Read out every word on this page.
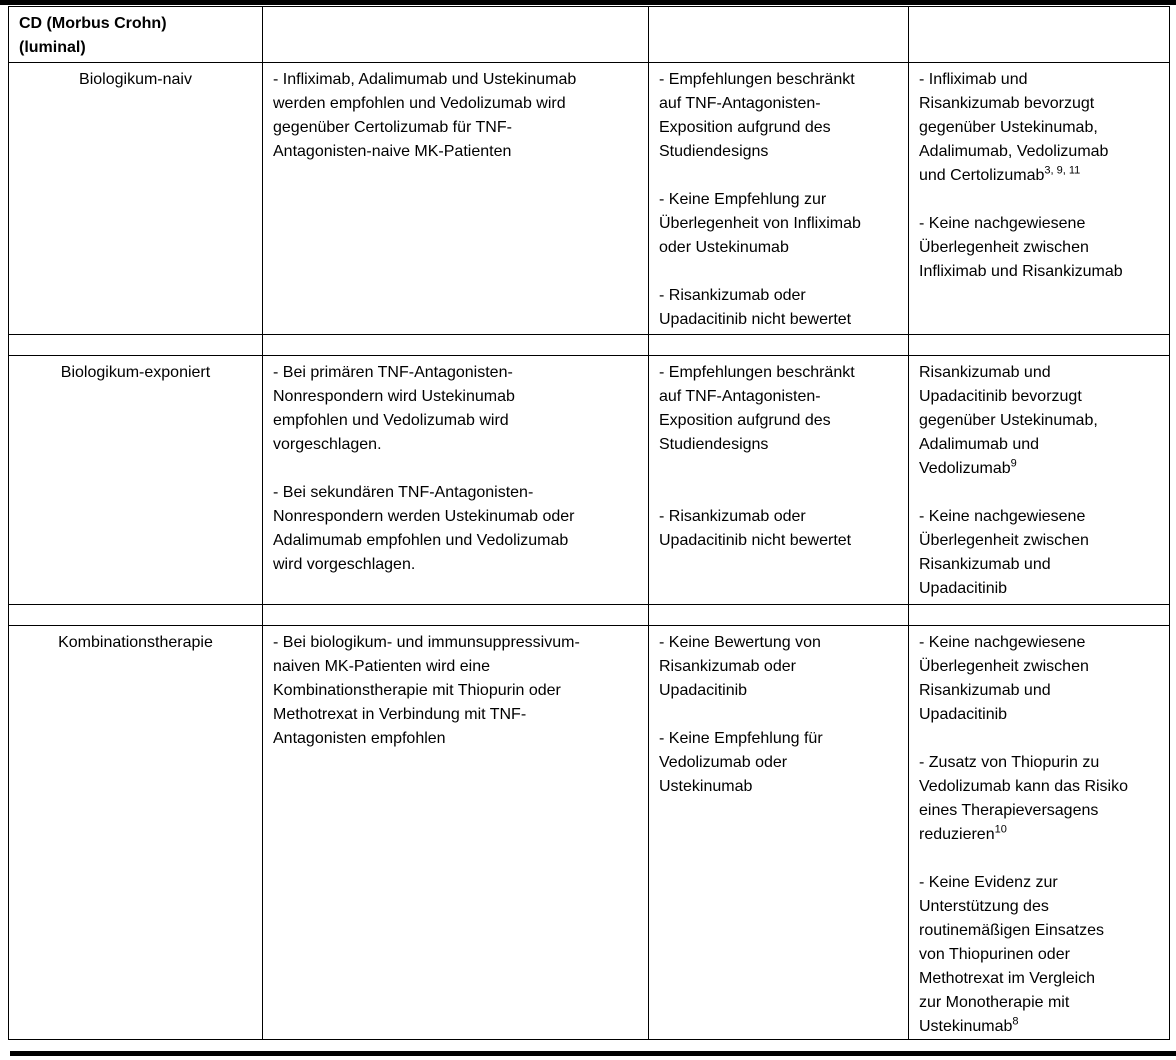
CD (Morbus Crohn)
(luminal)			
Biologikum-naiv	- Infliximab, Adalimumab und Ustekinumab
werden empfohlen und Vedolizumab wird
gegenüber Certolizumab für TNF-
Antagonisten-naive MK-Patienten	- Empfehlungen beschränkt
auf TNF-Antagonisten-
Exposition aufgrund des
Studiendesigns

- Keine Empfehlung zur
Überlegenheit von Infliximab
oder Ustekinumab

- Risankizumab oder
Upadacitinib nicht bewertet	- Infliximab und
Risankizumab bevorzugt
gegenüber Ustekinumab,
Adalimumab, Vedolizumab
und Certolizumab$^{3, 9, 11}$

- Keine nachgewiesene
Überlegenheit zwischen
Infliximab und Risankizumab

Biologikum-exponiert	- Bei primären TNF-Antagonisten-
Nonrespondern wird Ustekinumab
empfohlen und Vedolizumab wird
vorgeschlagen.

- Bei sekundären TNF-Antagonisten-
Nonrespondern werden Ustekinumab oder
Adalimumab empfohlen und Vedolizumab
wird vorgeschlagen.	- Empfehlungen beschränkt
auf TNF-Antagonisten-
Exposition aufgrund des
Studiendesigns

- Risankizumab oder
Upadacitinib nicht bewertet	Risankizumab und
Upadacitinib bevorzugt
gegenüber Ustekinumab,
Adalimumab und
Vedolizumab$^9$

- Keine nachgewiesene
Überlegenheit zwischen
Risankizumab und
Upadacitinib

Kombinationstherapie	- Bei biologikum- und immunsuppressivum-
naiven MK-Patienten wird eine
Kombinationstherapie mit Thiopurin oder
Methotrexat in Verbindung mit TNF-
Antagonisten empfohlen	- Keine Bewertung von
Risankizumab oder
Upadacitinib

- Keine Empfehlung für
Vedolizumab oder
Ustekinumab	- Keine nachgewiesene
Überlegenheit zwischen
Risankizumab und
Upadacitinib

- Zusatz von Thiopurin zu
Vedolizumab kann das Risiko
eines Therapieversagens
reduzieren$^{10}$

- Keine Evidenz zur
Unterstützung des
routinemäßigen Einsatzes
von Thiopurinen oder
Methotrexat im Vergleich
zur Monotherapie mit
Ustekinumab$^8$
